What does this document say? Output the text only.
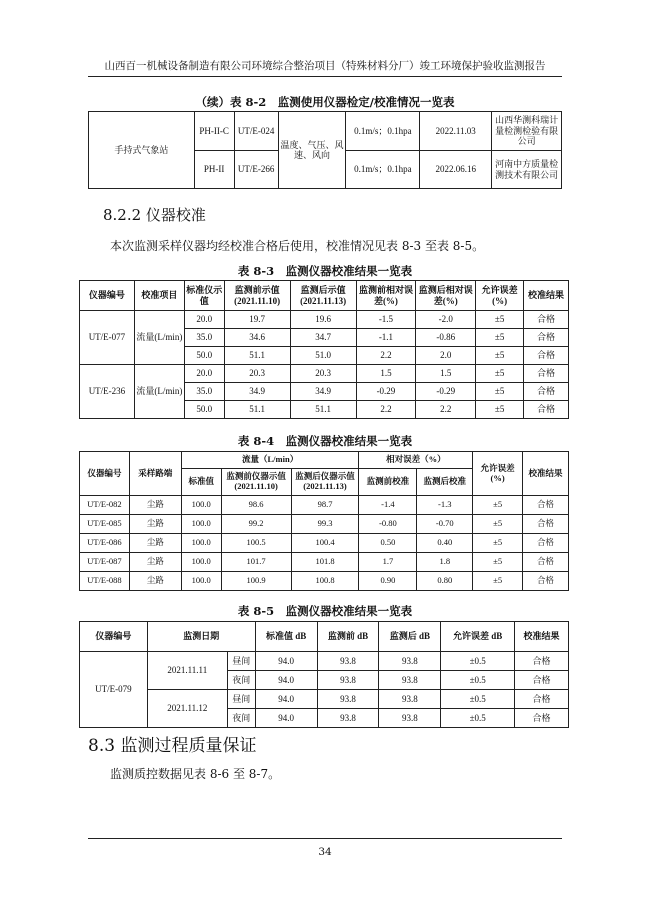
山西百一机械设备制造有限公司环境综合整治项目（特殊材料分厂）竣工环境保护验收监测报告
（续）表 8-2　监测使用仪器检定/校准情况一览表
手持式气象站	PH-II-C	UT/E-024	温度、气压、风速、风向	0.1m/s；0.1hpa	2022.11.03	山西华测科瑞计量检测检验有限公司
	PH-II	UT/E-266		0.1m/s；0.1hpa	2022.06.16	河南中方质量检测技术有限公司
8.2.2 仪器校准
本次监测采样仪器均经校准合格后使用，校准情况见表 8-3 至表 8-5。
表 8-3　监测仪器校准结果一览表
仪器编号	校准项目	标准仪示值	监测前示值(2021.11.10)	监测后示值(2021.11.13)	监测前相对误差(%)	监测后相对误差(%)	允许误差(%)	校准结果
UT/E-077	流量(L/min)	20.0	19.7	19.6	-1.5	-2.0	±5	合格
		35.0	34.6	34.7	-1.1	-0.86	±5	合格
		50.0	51.1	51.0	2.2	2.0	±5	合格
UT/E-236	流量(L/min)	20.0	20.3	20.3	1.5	1.5	±5	合格
		35.0	34.9	34.9	-0.29	-0.29	±5	合格
		50.0	51.1	51.1	2.2	2.2	±5	合格
表 8-4　监测仪器校准结果一览表
仪器编号	采样路端	流量（L/min）			相对误差（%）		允许误差(%)	校准结果
		标准值	监测前仪器示值(2021.11.10)	监测后仪器示值(2021.11.13)	监测前校准	监测后校准		
UT/E-082	尘路	100.0	98.6	98.7	-1.4	-1.3	±5	合格
UT/E-085	尘路	100.0	99.2	99.3	-0.80	-0.70	±5	合格
UT/E-086	尘路	100.0	100.5	100.4	0.50	0.40	±5	合格
UT/E-087	尘路	100.0	101.7	101.8	1.7	1.8	±5	合格
UT/E-088	尘路	100.0	100.9	100.8	0.90	0.80	±5	合格
表 8-5　监测仪器校准结果一览表
仪器编号	监测日期		标准值 dB	监测前 dB	监测后 dB	允许误差 dB	校准结果
UT/E-079	2021.11.11	昼间	94.0	93.8	93.8	±0.5	合格
		夜间	94.0	93.8	93.8	±0.5	合格
	2021.11.12	昼间	94.0	93.8	93.8	±0.5	合格
		夜间	94.0	93.8	93.8	±0.5	合格
8.3 监测过程质量保证
监测质控数据见表 8-6 至 8-7。
34
